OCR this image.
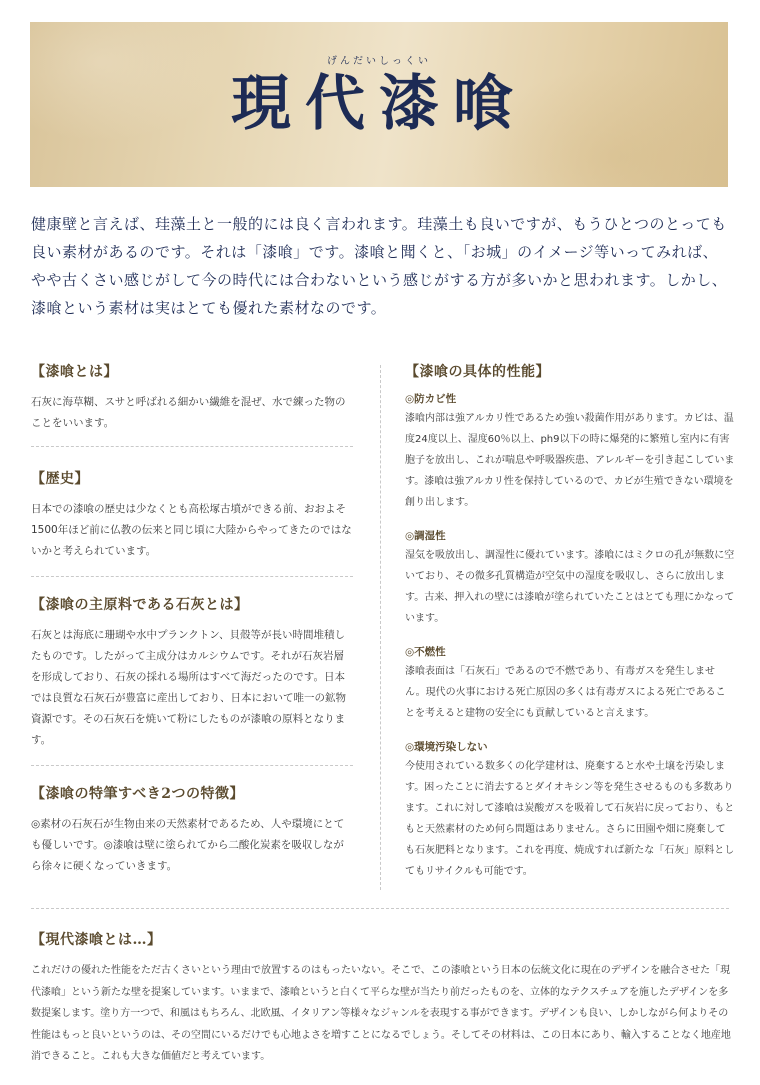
げんだいしっくい
現代漆喰

健康壁と言えば、珪藻土と一般的には良く言われます。珪藻土も良いですが、もうひとつのとっても良い素材があるのです。それは「漆喰」です。漆喰と聞くと、「お城」のイメージ等いってみれば、やや古くさい感じがして今の時代には合わないという感じがする方が多いかと思われます。しかし、漆喰という素材は実はとても優れた素材なのです。

【漆喰とは】

石灰に海草糊、スサと呼ばれる細かい繊維を混ぜ、水で練った物のことをいいます。

【歴史】

日本での漆喰の歴史は少なくとも高松塚古墳ができる前、おおよそ1500年ほど前に仏教の伝来と同じ頃に大陸からやってきたのではないかと考えられています。

【漆喰の主原料である石灰とは】

石灰とは海底に珊瑚や水中プランクトン、貝殻等が長い時間堆積したものです。したがって主成分はカルシウムです。それが石灰岩層を形成しており、石灰の採れる場所はすべて海だったのです。日本では良質な石灰石が豊富に産出しており、日本において唯一の鉱物資源です。その石灰石を焼いて粉にしたものが漆喰の原料となります。

【漆喰の特筆すべき2つの特徴】

◎素材の石灰石が生物由来の天然素材であるため、人や環境にとても優しいです。◎漆喰は壁に塗られてから二酸化炭素を吸収しながら徐々に硬くなっていきます。

【漆喰の具体的性能】
◎防カビ性

漆喰内部は強アルカリ性であるため強い殺菌作用があります。カビは、温度24度以上、湿度60％以上、ph9以下の時に爆発的に繁殖し室内に有害胞子を放出し、これが喘息や呼吸器疾患、アレルギーを引き起こしています。漆喰は強アルカリ性を保持しているので、カビが生殖できない環境を創り出します。

◎調湿性

湿気を吸放出し、調湿性に優れています。漆喰にはミクロの孔が無数に空いており、その微多孔質構造が空気中の湿度を吸収し、さらに放出します。古来、押入れの壁には漆喰が塗られていたことはとても理にかなっています。

◎不燃性

漆喰表面は「石灰石」であるので不燃であり、有毒ガスを発生しません。現代の火事における死亡原因の多くは有毒ガスによる死亡であることを考えると建物の安全にも貢献していると言えます。

◎環境汚染しない

今使用されている数多くの化学建材は、廃棄すると水や土壌を汚染します。困ったことに消去するとダイオキシン等を発生させるものも多数あります。これに対して漆喰は炭酸ガスを吸着して石灰岩に戻っており、もともと天然素材のため何ら問題はありません。さらに田園や畑に廃棄しても石灰肥料となります。これを再度、焼成すれば新たな「石灰」原料としてもリサイクルも可能です。

【現代漆喰とは…】

これだけの優れた性能をただ古くさいという理由で放置するのはもったいない。そこで、この漆喰という日本の伝統文化に現在のデザインを融合させた「現代漆喰」という新たな壁を提案しています。いままで、漆喰というと白くて平らな壁が当たり前だったものを、立体的なテクスチュアを施したデザインを多数提案します。塗り方一つで、和風はもちろん、北欧風、イタリアン等様々なジャンルを表現する事ができます。デザインも良い、しかしながら何よりその性能はもっと良いというのは、その空間にいるだけでも心地よさを増すことになるでしょう。そしてその材料は、この日本にあり、輸入することなく地産地消できること。これも大きな価値だと考えています。
